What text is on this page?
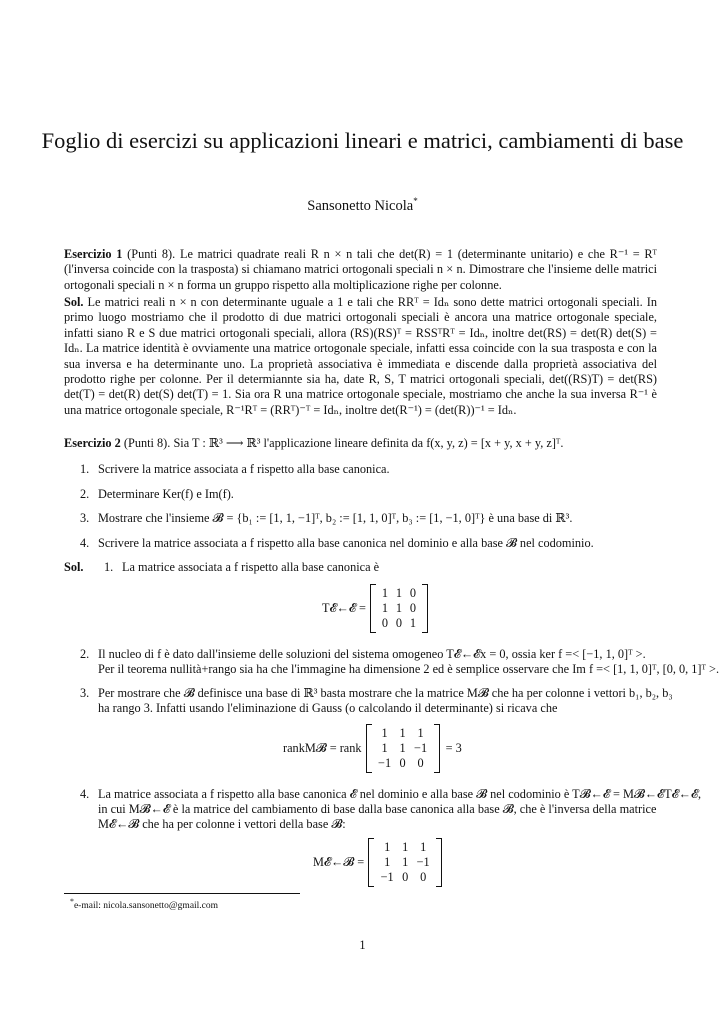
Foglio di esercizi su applicazioni lineari e matrici, cambiamenti di base
Sansonetto Nicola*
Esercizio 1 (Punti 8). Le matrici quadrate reali R n × n tali che det(R) = 1 (determinante unitario) e che R⁻¹ = Rᵀ (l'inversa coincide con la trasposta) si chiamano matrici ortogonali speciali n × n. Dimostrare che l'insieme delle matrici ortogonali speciali n × n forma un gruppo rispetto alla moltiplicazione righe per colonne.
Sol. Le matrici reali n × n con determinante uguale a 1 e tali che RRᵀ = Idₙ sono dette matrici ortogonali speciali. In primo luogo mostriamo che il prodotto di due matrici ortogonali speciali è ancora una matrice ortogonale speciale, infatti siano R e S due matrici ortogonali speciali, allora (RS)(RS)ᵀ = RSSᵀRᵀ = Idₙ, inoltre det(RS) = det(R) det(S) = Idₙ. La matrice identità è ovviamente una matrice ortogonale speciale, infatti essa coincide con la sua trasposta e con la sua inversa e ha determinante uno. La proprietà associativa è immediata e discende dalla proprietà associativa del prodotto righe per colonne. Per il determiannte sia ha, date R, S, T matrici ortogonali speciali, det((RS)T) = det(RS) det(T) = det(R) det(S) det(T) = 1. Sia ora R una matrice ortogonale speciale, mostriamo che anche la sua inversa R⁻¹ è una matrice ortogonale speciale, R⁻¹Rᵀ = (RRᵀ)⁻ᵀ = Idₙ, inoltre det(R⁻¹) = (det(R))⁻¹ = Idₙ.
Esercizio 2 (Punti 8). Sia T : ℝ³ ⟶ ℝ³ l'applicazione lineare definita da f(x, y, z) = [x + y, x + y, z]ᵀ.
1. Scrivere la matrice associata a f rispetto alla base canonica.
2. Determinare Ker(f) e Im(f).
3. Mostrare che l'insieme 𝓑 = {b₁ := [1, 1, −1]ᵀ, b₂ := [1, 1, 0]ᵀ, b₃ := [1, −1, 0]ᵀ} è una base di ℝ³.
4. Scrivere la matrice associata a f rispetto alla base canonica nel dominio e alla base 𝓑 nel codominio.
Sol. 1. La matrice associata a f rispetto alla base canonica è
T𝓔←𝓔 =
1 1 0
1 1 0
0 0 1
2. Il nucleo di f è dato dall'insieme delle soluzioni del sistema omogeneo T𝓔←𝓔x = 0, ossia ker f =< [−1, 1, 0]ᵀ >.
Per il teorema nullità+rango sia ha che l'immagine ha dimensione 2 ed è semplice osservare che Im f =< [1, 1, 0]ᵀ, [0, 0, 1]ᵀ >.
3. Per mostrare che 𝓑 definisce una base di ℝ³ basta mostrare che la matrice M𝓑 che ha per colonne i vettori b₁, b₂, b₃
ha rango 3. Infatti usando l'eliminazione di Gauss (o calcolando il determinante) si ricava che
rankM𝓑 = rank
1 1 1
1 1 −1
−1 0 0
= 3
4. La matrice associata a f rispetto alla base canonica 𝓔 nel dominio e alla base 𝓑 nel codominio è T𝓑←𝓔 = M𝓑←𝓔T𝓔←𝓔,
in cui M𝓑←𝓔 è la matrice del cambiamento di base dalla base canonica alla base 𝓑, che è l'inversa della matrice
M𝓔←𝓑 che ha per colonne i vettori della base 𝓑:
M𝓔←𝓑 =
1 1 1
1 1 −1
−1 0 0
*e-mail: nicola.sansonetto@gmail.com
1
